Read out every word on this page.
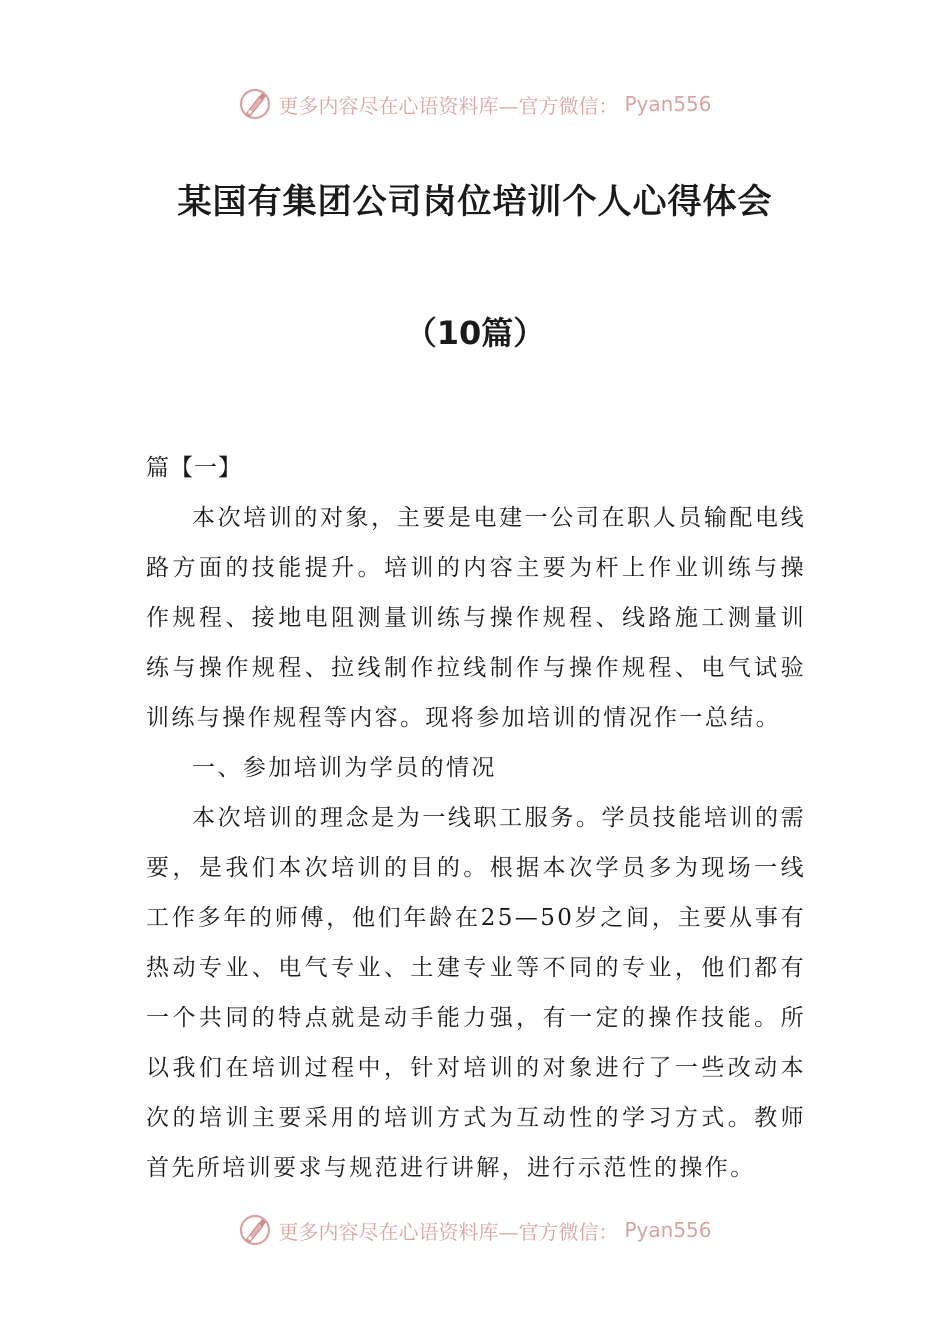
更多内容尽在心语资料库—官方微信： Pyan556
某国有集团公司岗位培训个人心得体会
（10篇）

篇【一】

本次培训的对象，主要是电建一公司在职人员输配电线路方面的技能提升。培训的内容主要为杆上作业训练与操作规程、接地电阻测量训练与操作规程、线路施工测量训练与操作规程、拉线制作拉线制作与操作规程、电气试验训练与操作规程等内容。现将参加培训的情况作一总结。

一、参加培训为学员的情况

本次培训的理念是为一线职工服务。学员技能培训的需要，是我们本次培训的目的。根据本次学员多为现场一线工作多年的师傅，他们年龄在25—50岁之间，主要从事有热动专业、电气专业、土建专业等不同的专业，他们都有一个共同的特点就是动手能力强，有一定的操作技能。所以我们在培训过程中，针对培训的对象进行了一些改动本次的培训主要采用的培训方式为互动性的学习方式。教师首先所培训要求与规范进行讲解，进行示范性的操作。

更多内容尽在心语资料库—官方微信： Pyan556
